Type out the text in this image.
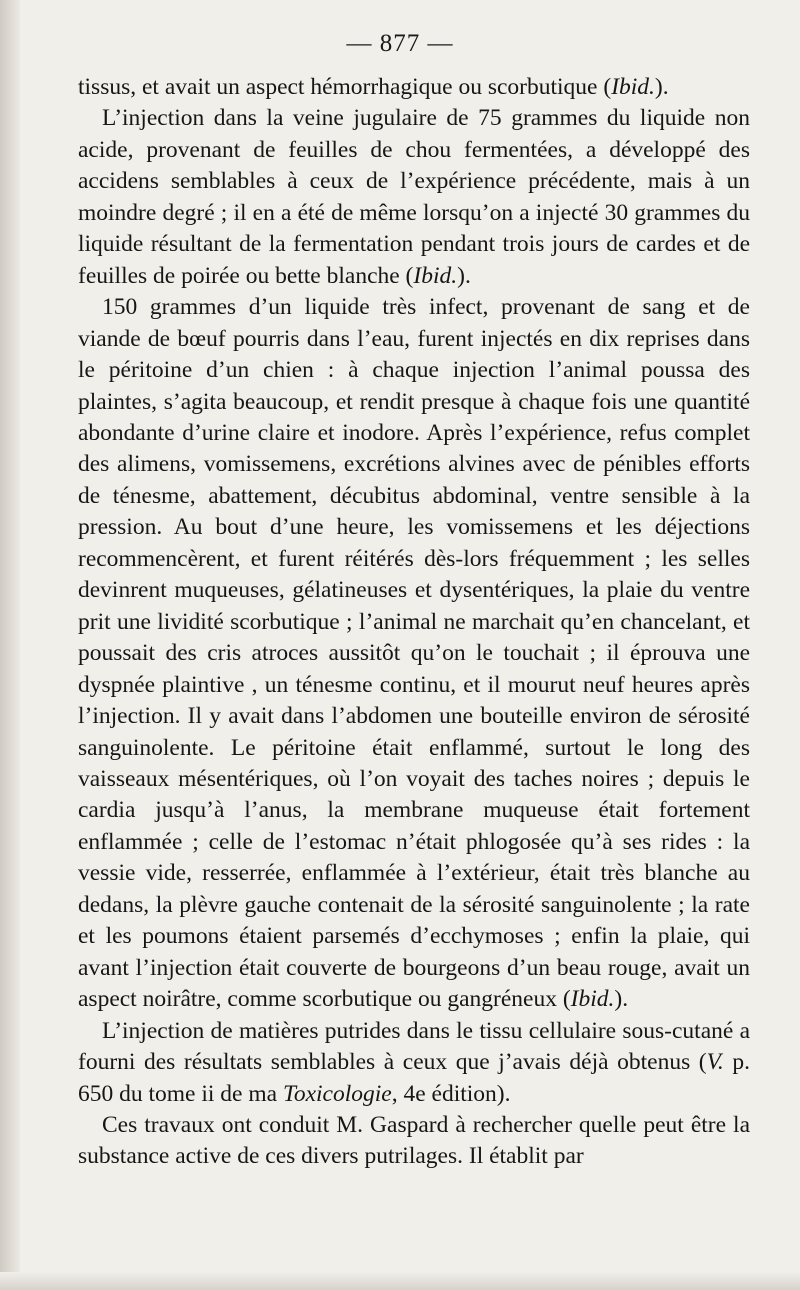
— 877 —

tissus, et avait un aspect hémorrhagique ou scorbutique (Ibid.).

L’injection dans la veine jugulaire de 75 grammes du liquide non acide, provenant de feuilles de chou fermentées, a développé des accidens semblables à ceux de l’expérience précédente, mais à un moindre degré ; il en a été de même lorsqu’on a injecté 30 grammes du liquide résultant de la fermentation pendant trois jours de cardes et de feuilles de poirée ou bette blanche (Ibid.).

150 grammes d’un liquide très infect, provenant de sang et de viande de bœuf pourris dans l’eau, furent injectés en dix reprises dans le péritoine d’un chien : à chaque injection l’animal poussa des plaintes, s’agita beaucoup, et rendit presque à chaque fois une quantité abondante d’urine claire et inodore. Après l’expérience, refus complet des alimens, vomissemens, excrétions alvines avec de pénibles efforts de ténesme, abattement, décubitus abdominal, ventre sensible à la pression. Au bout d’une heure, les vomissemens et les déjections recommencèrent, et furent réitérés dès-lors fréquemment ; les selles devinrent muqueuses, gélatineuses et dysentériques, la plaie du ventre prit une lividité scorbutique ; l’animal ne marchait qu’en chancelant, et poussait des cris atroces aussitôt qu’on le touchait ; il éprouva une dyspnée plaintive , un ténesme continu, et il mourut neuf heures après l’injection. Il y avait dans l’abdomen une bouteille environ de sérosité sanguinolente. Le péritoine était enflammé, surtout le long des vaisseaux mésentériques, où l’on voyait des taches noires ; depuis le cardia jusqu’à l’anus, la membrane muqueuse était fortement enflammée ; celle de l’estomac n’était phlogosée qu’à ses rides : la vessie vide, resserrée, enflammée à l’extérieur, était très blanche au dedans, la plèvre gauche contenait de la sérosité sanguinolente ; la rate et les poumons étaient parsemés d’ecchymoses ; enfin la plaie, qui avant l’injection était couverte de bourgeons d’un beau rouge, avait un aspect noirâtre, comme scorbutique ou gangréneux (Ibid.).

L’injection de matières putrides dans le tissu cellulaire sous-cutané a fourni des résultats semblables à ceux que j’avais déjà obtenus (V. p. 650 du tome ii de ma Toxicologie, 4e édition).

Ces travaux ont conduit M. Gaspard à rechercher quelle peut être la substance active de ces divers putrilages. Il établit par
